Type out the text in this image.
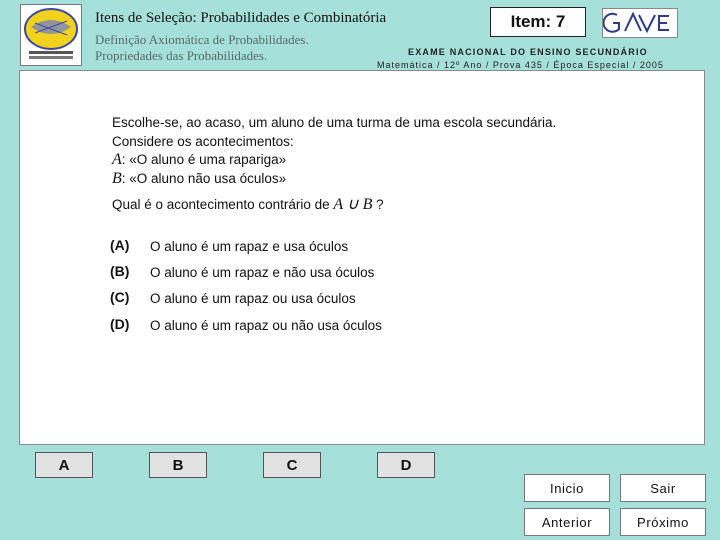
Itens de Seleção: Probabilidades e Combinatória
Definição Axiomática de Probabilidades.
Propriedades das Probabilidades.
Item: 7
EXAME NACIONAL DO ENSINO SECUNDÁRIO
Matemática / 12º Ano / Prova 435 / Época Especial / 2005
Escolhe-se, ao acaso, um aluno de uma turma de uma escola secundária.
Considere os acontecimentos:
A: «O aluno é uma rapariga»
B: «O aluno não usa óculos»
Qual é o acontecimento contrário de A ∪ B ?
(A) O aluno é um rapaz e usa óculos
(B) O aluno é um rapaz e não usa óculos
(C) O aluno é um rapaz ou usa óculos
(D) O aluno é um rapaz ou não usa óculos
A	B	C	D
Inicio	Sair
Anterior	Próximo
